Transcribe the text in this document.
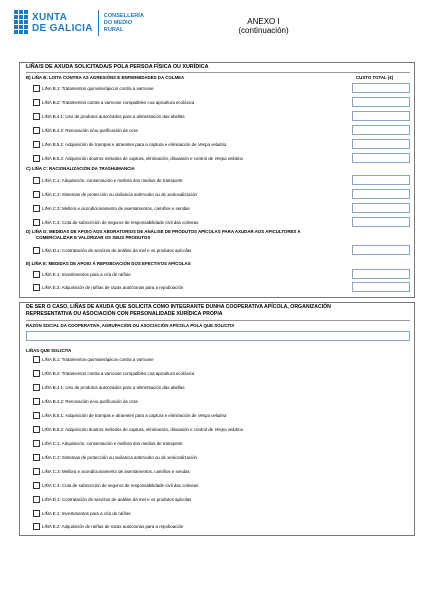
XUNTA
DE GALICIA
CONSELLERÍA
DO MEDIO
RURAL
ANEXO I
(continuación)
LIÑA/S DE AXUDA SOLICITADA/S POLA PERSOA FÍSICA OU XURÍDICA
B) LIÑA B: LOITA CONTRA AS AGRESIÓNS E ENFERMIDADES DA COLMEA	CUSTO TOTAL (€)
LIÑA B.1: Tratamentos quimioterápicos contra a varroose
LIÑA B.2: Tratamentos contra a varroose compatibles coa apicultura ecolóxica
LIÑA B.4.1: Uso de produtos autorizados para a alimentación das abellas
LIÑA B.4.2: Renovación e/ou purificación de cera
LIÑA B.5.1: Adquisición de trampas e atraentes para a captura e eliminación de Vespa velutina
LIÑA B.5.2: Adquisición doutros métodos de captura, eliminación, disuasión e control de Vespa velutina
C) LIÑA C: RACIONALIZACIÓN DA TRASHUMANCIA
LIÑA C.1: Adquisición, conservación e mellora dos medios de transporte
LIÑA C.2: Sistemas de protección ou vixilancia antirroubo ou de xeolocalización
LIÑA C.3: Mellora e acondicionamento de asentamentos, camiños e sendas
LIÑA C.4: Cota de subscrición de seguros de responsabilidade civil das colmeas
D) LIÑA D: MEDIDAS DE APOIO AOS ABORATORIOS DE ANÁLISE DE PRODUTOS APÍCOLAS PARA AXUDAR AOS APICULTORES A
COMERCIALIZAR E VALORIZAR OS SEUS PRODUTOS
LIÑA D.1: Contratación de servizos de análise da mel e os produtos apícolas
E) LIÑA E: MEDIDAS DE APOIO Á REPOBOACIÓN DOS EFECTIVOS APÍCOLAS
LIÑA E.1: Investimentos para a cría de raíñas
LIÑA E.2: Adquisición de raíñas de razas autóctonas para a repoboación
DE SER O CASO, LIÑAS DE AXUDA QUE SOLICITA COMO INTEGRANTE DUNHA COOPERATIVA APÍCOLA, ORGANIZACIÓN
REPRESENTATIVA OU ASOCIACIÓN CON PERSONALIDADE XURÍDICA PROPIA
RAZÓN SOCIAL DA COOPERATIVA, AGRUPACIÓN OU ASOCIACIÓN APÍCOLA POLA QUE SOLICITA
LIÑAS QUE SOLICITA
LIÑA B.1: Tratamentos quimioterápicos contra a varroose
LIÑA B.2: Tratamentos contra a varroose compatibles coa apicultura ecolóxica
LIÑA B.4.1: Uso de produtos autorizados para a alimentación das abellas
LIÑA B.4.2: Renovación e/ou purificación de cera
LIÑA B.5.1: Adquisición de trampas e atraentes para a captura e eliminación de Vespa velutina
LIÑA B.5.2: Adquisición doutros métodos de captura, eliminación, disuasión e control de Vespa velutina
LIÑA C.1: Adquisición, conservación e mellora dos medios de transporte
LIÑA C.2: Sistemas de protección ou vixilancia antirroubo ou de xeolocalización
LIÑA C.3: Mellora e acondicionamento de asentamentos, camiños e sendas
LIÑA C.4: Cota de subscrición de seguros de responsabilidade civil das colmeas
LIÑA D.1: Contratación de servizos de análise da mel e os produtos apícolas
LIÑA E.1: Investimentos para a cría de raíñas
LIÑA E.2: Adquisición de raíñas de razas autóctonas para a repoboación
